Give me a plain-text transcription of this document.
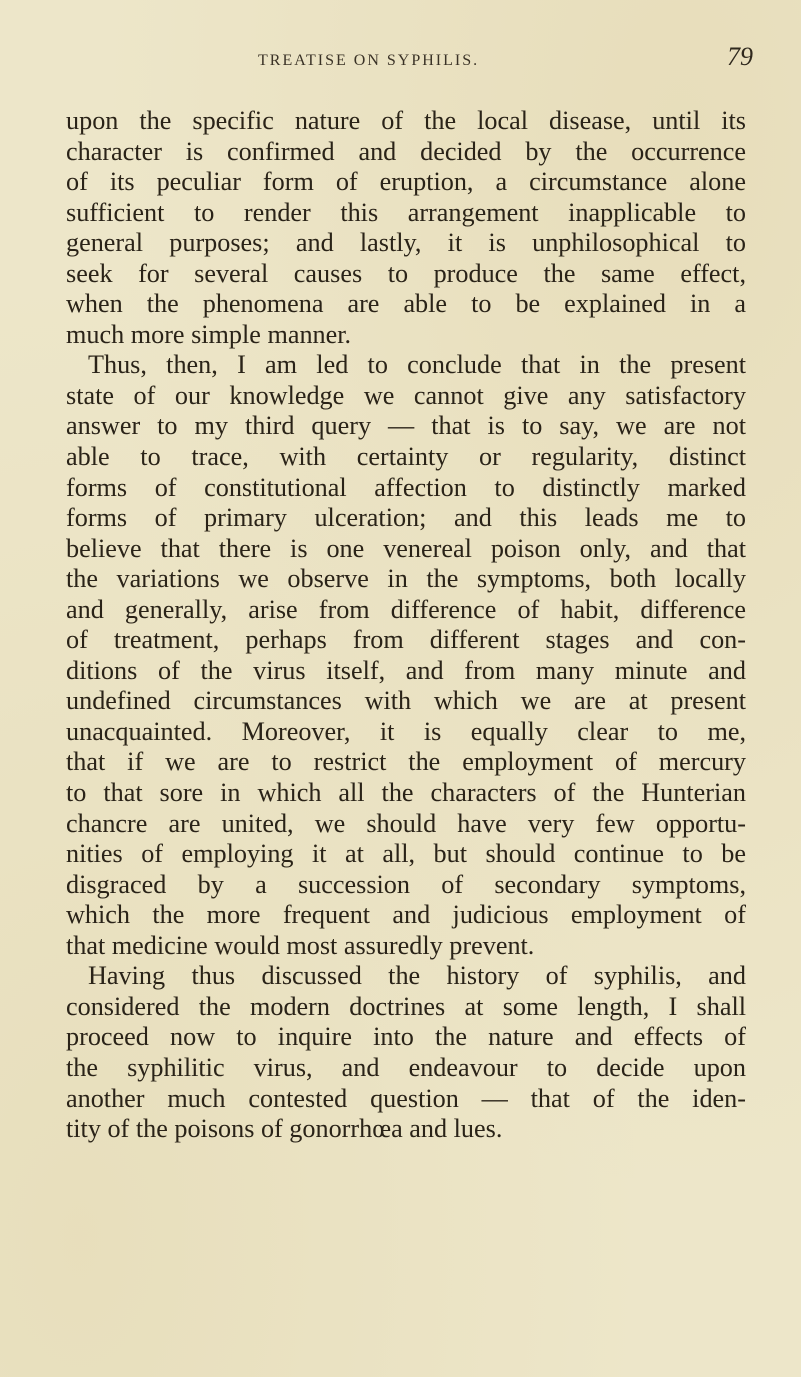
TREATISE ON SYPHILIS.	79
upon the specific nature of the local disease, until its
character is confirmed and decided by the occurrence
of its peculiar form of eruption, a circumstance alone
sufficient to render this arrangement inapplicable to
general purposes; and lastly, it is unphilosophical to
seek for several causes to produce the same effect,
when the phenomena are able to be explained in a
much more simple manner.
Thus, then, I am led to conclude that in the present
state of our knowledge we cannot give any satisfactory
answer to my third query — that is to say, we are not
able to trace, with certainty or regularity, distinct
forms of constitutional affection to distinctly marked
forms of primary ulceration; and this leads me to
believe that there is one venereal poison only, and that
the variations we observe in the symptoms, both locally
and generally, arise from difference of habit, difference
of treatment, perhaps from different stages and con-
ditions of the virus itself, and from many minute and
undefined circumstances with which we are at present
unacquainted. Moreover, it is equally clear to me,
that if we are to restrict the employment of mercury
to that sore in which all the characters of the Hunterian
chancre are united, we should have very few opportu-
nities of employing it at all, but should continue to be
disgraced by a succession of secondary symptoms,
which the more frequent and judicious employment of
that medicine would most assuredly prevent.
Having thus discussed the history of syphilis, and
considered the modern doctrines at some length, I shall
proceed now to inquire into the nature and effects of
the syphilitic virus, and endeavour to decide upon
another much contested question — that of the iden-
tity of the poisons of gonorrhœa and lues.
